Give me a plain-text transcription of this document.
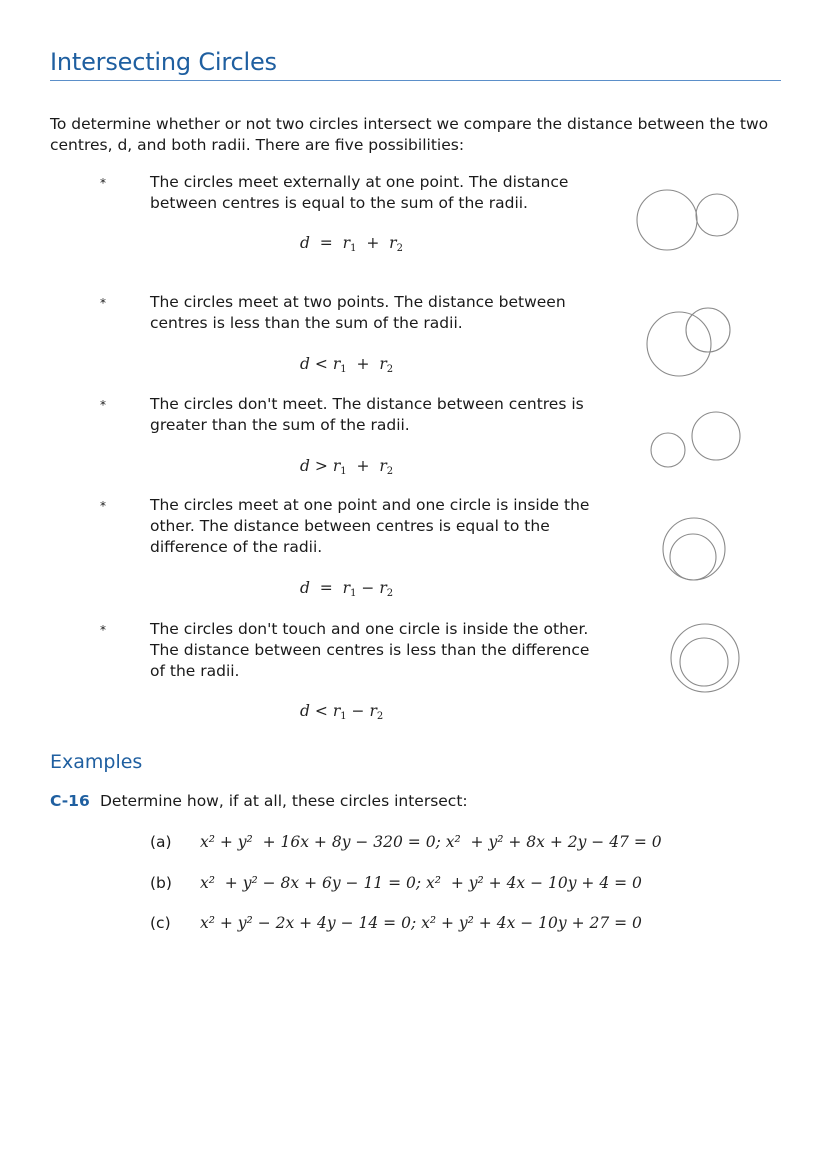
Intersecting Circles
To determine whether or not two circles intersect we compare the distance between the two centres, d, and both radii. There are five possibilities:
*	The circles meet externally at one point. The distance between centres is equal to the sum of the radii.
$d = r_1 + r_2$
*	The circles meet at two points. The distance between centres is less than the sum of the radii.
$d < r_1 + r_2$
*	The circles don't meet. The distance between centres is greater than the sum of the radii.
$d > r_1 + r_2$
*	The circles meet at one point and one circle is inside the other. The distance between centres is equal to the difference of the radii.
$d = r_1 - r_2$
*	The circles don't touch and one circle is inside the other. The distance between centres is less than the difference of the radii.
$d < r_1 - r_2$
Examples
C-16 Determine how, if at all, these circles intersect:
(a) x² + y²  + 16x + 8y − 320 = 0; x²  + y² + 8x + 2y − 47 = 0
(b) x²  + y² − 8x + 6y − 11 = 0; x²  + y² + 4x − 10y + 4 = 0
(c) x² + y² − 2x + 4y − 14 = 0; x² + y² + 4x − 10y + 27 = 0
